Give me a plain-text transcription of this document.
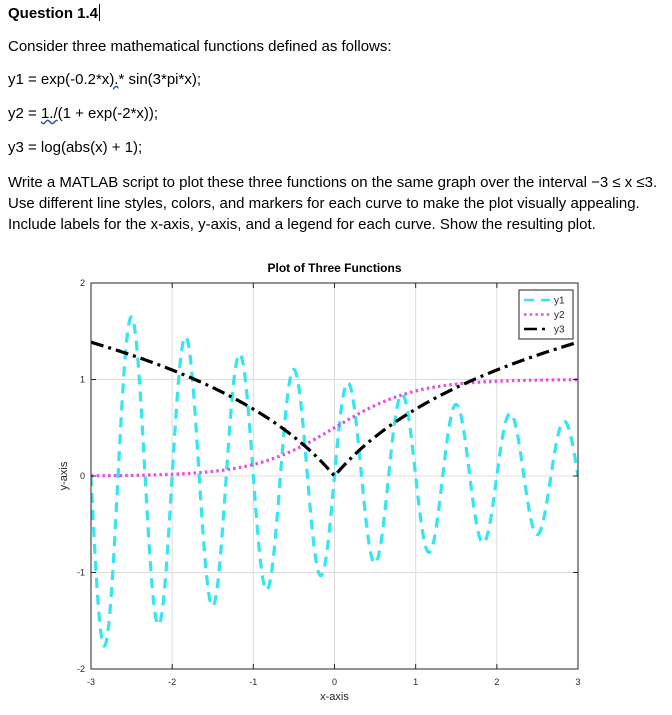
Question 1.4
Consider three mathematical functions defined as follows:
y1 = exp(-0.2*x).* sin(3*pi*x);
y2 = 1./(1 + exp(-2*x));
y3 = log(abs(x) + 1);

Write a MATLAB script to plot these three functions on the same graph over the interval −3 ≤ x ≤3.

Use different line styles, colors, and markers for each curve to make the plot visually appealing.

Include labels for the x-axis, y-axis, and a legend for each curve. Show the resulting plot.

-3	-2	-1	0	1	2	3
-2
-1
0
1
2
Plot of Three Functions
x-axis
y-axis
y1
y2
y3
